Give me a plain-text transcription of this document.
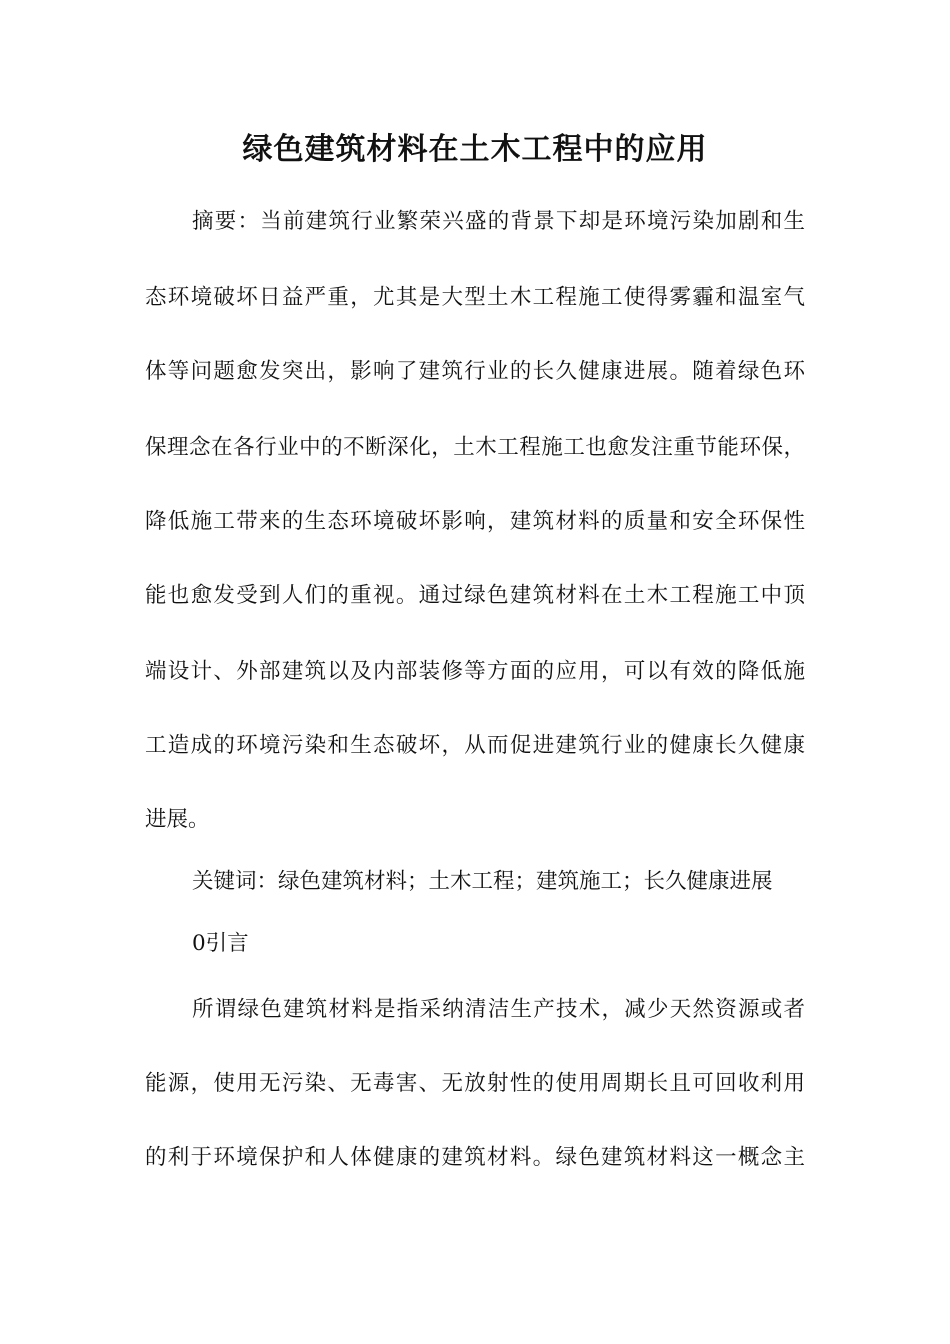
绿色建筑材料在土木工程中的应用
摘要：当前建筑行业繁荣兴盛的背景下却是环境污染加剧和生
态环境破坏日益严重，尤其是大型土木工程施工使得雾霾和温室气
体等问题愈发突出，影响了建筑行业的长久健康进展。随着绿色环
保理念在各行业中的不断深化，土木工程施工也愈发注重节能环保，
降低施工带来的生态环境破坏影响，建筑材料的质量和安全环保性
能也愈发受到人们的重视。通过绿色建筑材料在土木工程施工中顶
端设计、外部建筑以及内部装修等方面的应用，可以有效的降低施
工造成的环境污染和生态破坏，从而促进建筑行业的健康长久健康
进展。
关键词：绿色建筑材料；土木工程；建筑施工；长久健康进展
0引言
所谓绿色建筑材料是指采纳清洁生产技术，减少天然资源或者
能源，使用无污染、无毒害、无放射性的使用周期长且可回收利用
的利于环境保护和人体健康的建筑材料。绿色建筑材料这一概念主
